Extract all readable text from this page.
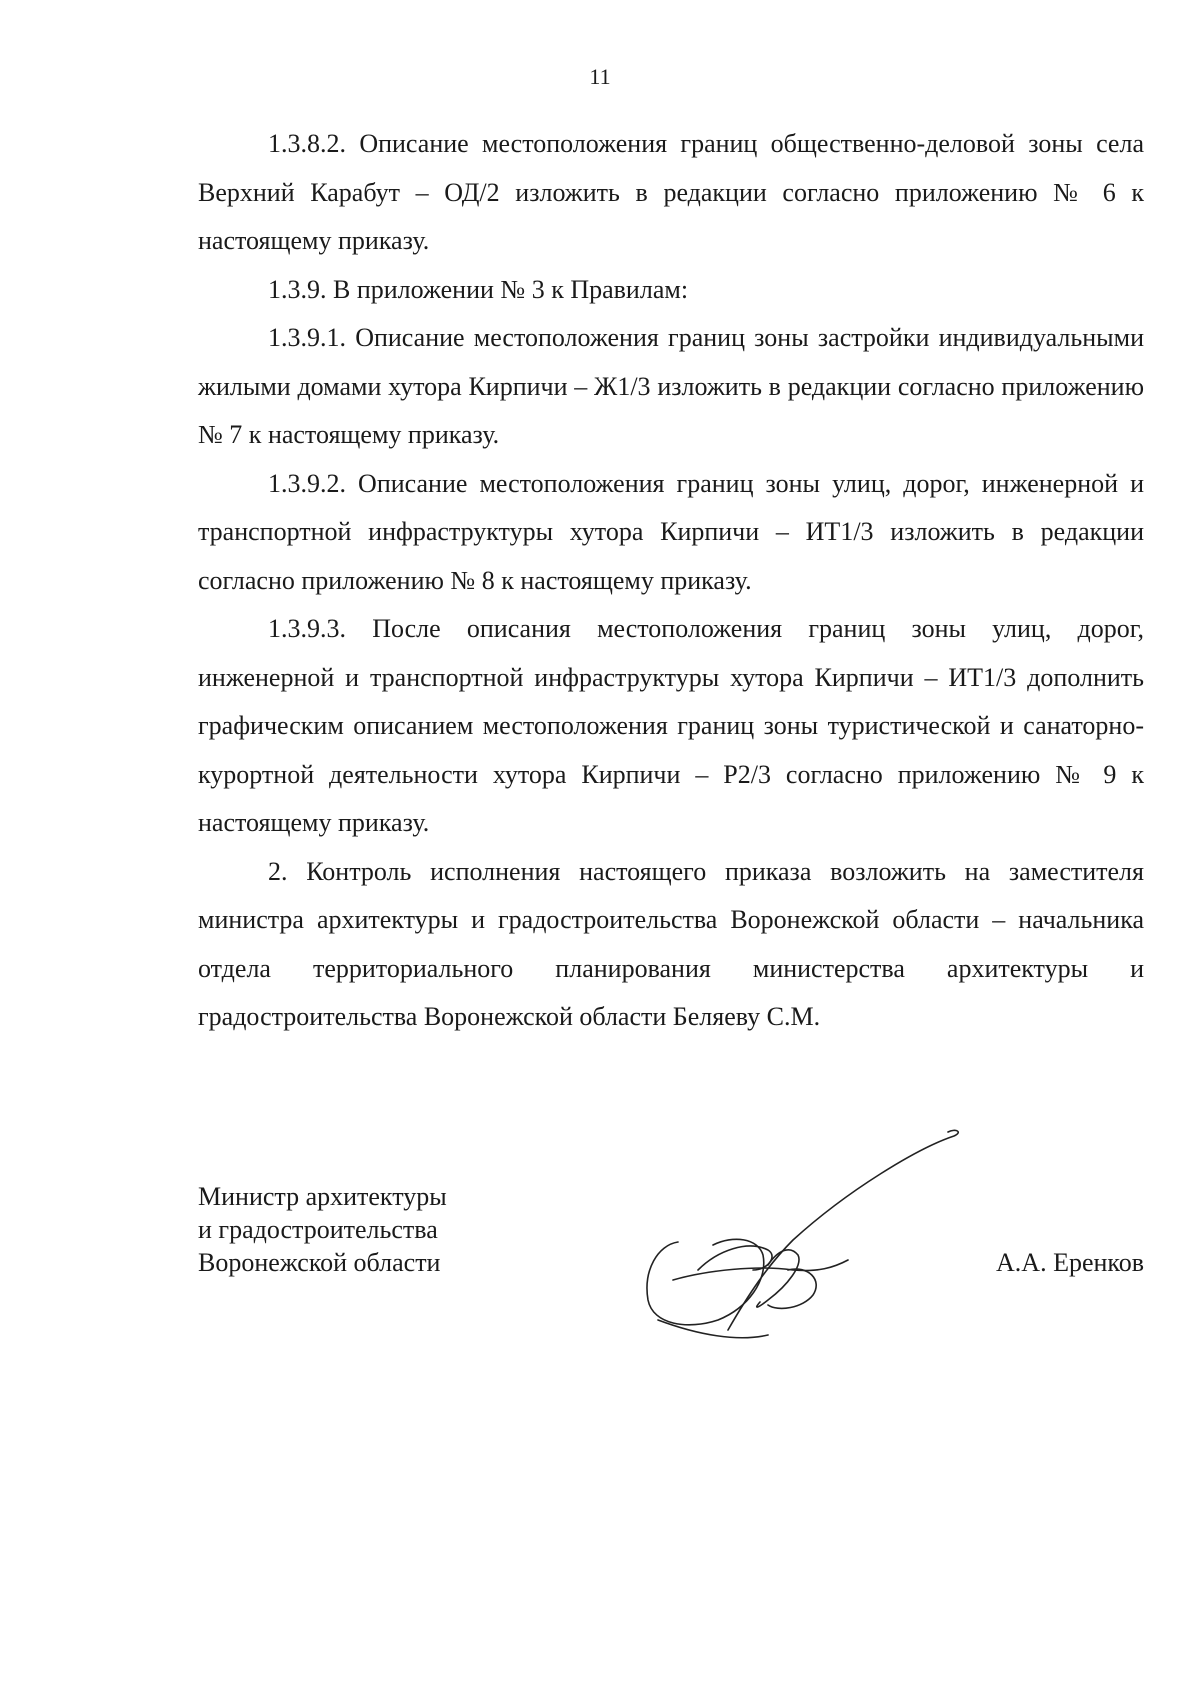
11

1.3.8.2. Описание местоположения границ общественно-деловой зоны села Верхний Карабут – ОД/2 изложить в редакции согласно приложению № 6 к настоящему приказу.

1.3.9. В приложении № 3 к Правилам:

1.3.9.1. Описание местоположения границ зоны застройки индивидуальными жилыми домами хутора Кирпичи – Ж1/3 изложить в редакции согласно приложению № 7 к настоящему приказу.

1.3.9.2. Описание местоположения границ зоны улиц, дорог, инженерной и транспортной инфраструктуры хутора Кирпичи – ИТ1/3 изложить в редакции согласно приложению № 8 к настоящему приказу.

1.3.9.3. После описания местоположения границ зоны улиц, дорог, инженерной и транспортной инфраструктуры хутора Кирпичи – ИТ1/3 дополнить графическим описанием местоположения границ зоны туристической и санаторно-курортной деятельности хутора Кирпичи – Р2/3 согласно приложению № 9 к настоящему приказу.

2. Контроль исполнения настоящего приказа возложить на заместителя министра архитектуры и градостроительства Воронежской области – начальника отдела территориального планирования министерства архитектуры и градостроительства Воронежской области Беляеву С.М.

Министр архитектуры
и градостроительства
Воронежской области	А.А. Еренков
